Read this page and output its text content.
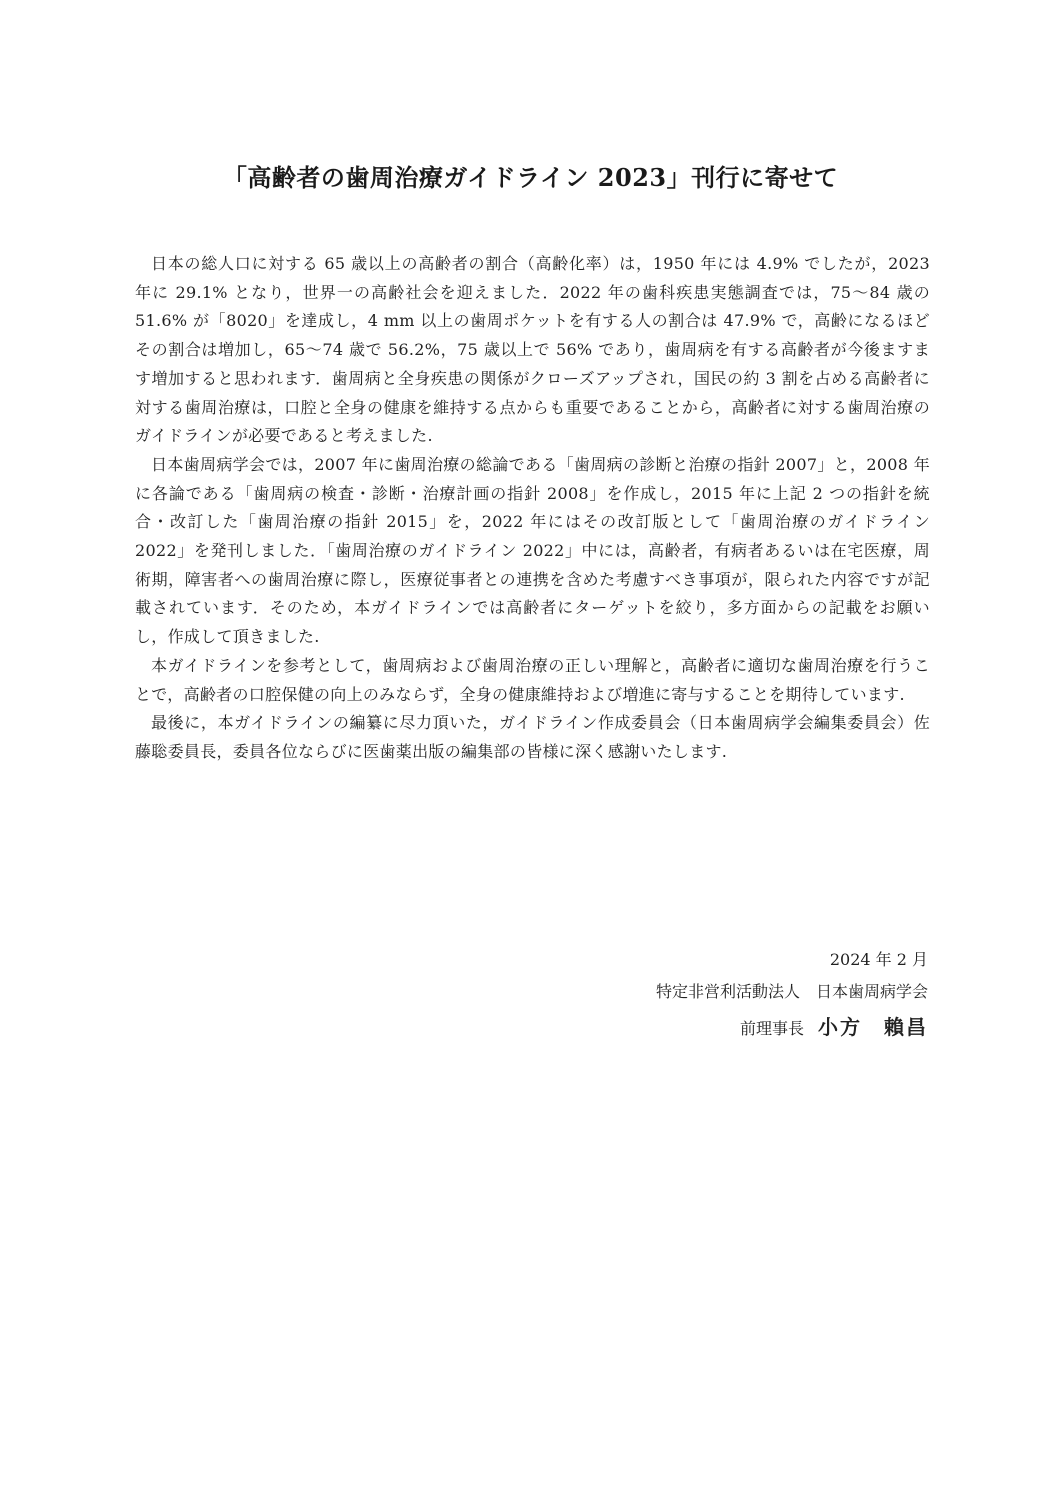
「高齢者の歯周治療ガイドライン 2023」刊行に寄せて

日本の総人口に対する 65 歳以上の高齢者の割合（高齢化率）は，1950 年には 4.9% でしたが，2023 年に 29.1% となり，世界一の高齢社会を迎えました．2022 年の歯科疾患実態調査では，75〜84 歳の 51.6% が「8020」を達成し，4 mm 以上の歯周ポケットを有する人の割合は 47.9% で，高齢になるほどその割合は増加し，65〜74 歳で 56.2%，75 歳以上で 56% であり，歯周病を有する高齢者が今後ますます増加すると思われます．歯周病と全身疾患の関係がクローズアップされ，国民の約 3 割を占める高齢者に対する歯周治療は，口腔と全身の健康を維持する点からも重要であることから，高齢者に対する歯周治療のガイドラインが必要であると考えました.

日本歯周病学会では，2007 年に歯周治療の総論である「歯周病の診断と治療の指針 2007」と，2008 年に各論である「歯周病の検査・診断・治療計画の指針 2008」を作成し，2015 年に上記 2 つの指針を統合・改訂した「歯周治療の指針 2015」を，2022 年にはその改訂版として「歯周治療のガイドライン 2022」を発刊しました．「歯周治療のガイドライン 2022」中には，高齢者，有病者あるいは在宅医療，周術期，障害者への歯周治療に際し，医療従事者との連携を含めた考慮すべき事項が，限られた内容ですが記載されています．そのため，本ガイドラインでは高齢者にターゲットを絞り，多方面からの記載をお願いし，作成して頂きました.

本ガイドラインを参考として，歯周病および歯周治療の正しい理解と，高齢者に適切な歯周治療を行うことで，高齢者の口腔保健の向上のみならず，全身の健康維持および増進に寄与することを期待しています.

最後に，本ガイドラインの編纂に尽力頂いた，ガイドライン作成委員会（日本歯周病学会編集委員会）佐藤聡委員長，委員各位ならびに医歯薬出版の編集部の皆様に深く感謝いたします.

2024 年 2 月
特定非営利活動法人　日本歯周病学会
前理事長 小方　賴昌
